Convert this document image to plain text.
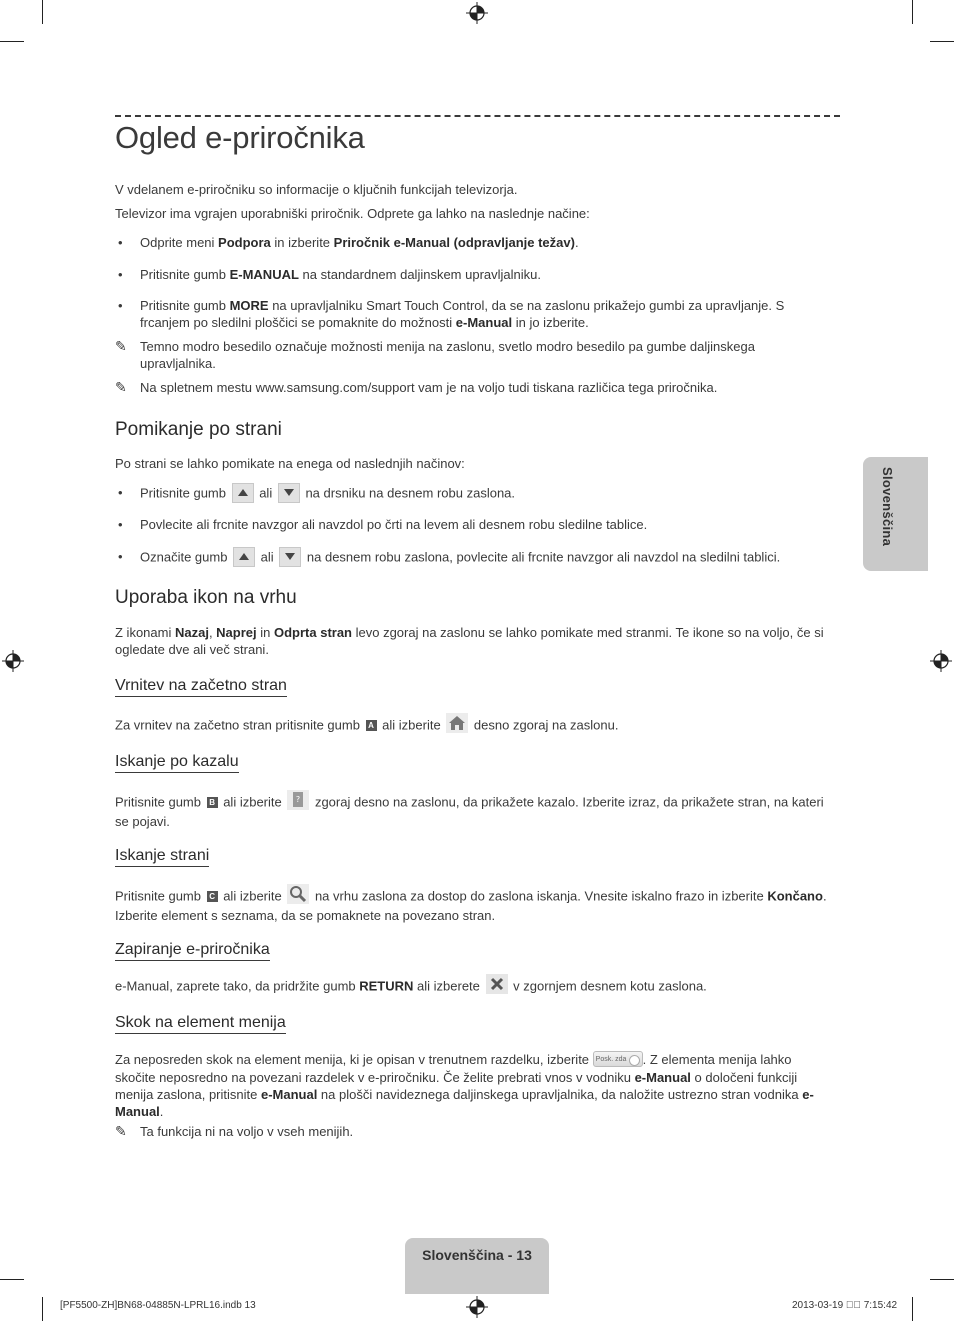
Ogled e-priročnika

V vdelanem e-priročniku so informacije o ključnih funkcijah televizorja.

Televizor ima vgrajen uporabniški priročnik. Odprete ga lahko na naslednje načine:

• Odprite meni Podpora in izberite Priročnik e-Manual (odpravljanje težav).
• Pritisnite gumb E-MANUAL na standardnem daljinskem upravljalniku.
• Pritisnite gumb MORE na upravljalniku Smart Touch Control, da se na zaslonu prikažejo gumbi za upravljanje. S frcanjem po sledilni ploščici se pomaknite do možnosti e-Manual in jo izberite.
✎ Temno modro besedilo označuje možnosti menija na zaslonu, svetlo modro besedilo pa gumbe daljinskega upravljalnika.
✎ Na spletnem mestu www.samsung.com/support vam je na voljo tudi tiskana različica tega priročnika.
Pomikanje po strani

Po strani se lahko pomikate na enega od naslednjih načinov:

• Pritisnite gumb
ali
na drsniku na desnem robu zaslona.
• Povlecite ali frcnite navzgor ali navzdol po črti na levem ali desnem robu sledilne tablice.
• Označite gumb
ali
na desnem robu zaslona, povlecite ali frcnite navzgor ali navzdol na sledilni tablici.
Uporaba ikon na vrhu

Z ikonami Nazaj, Naprej in Odprta stran levo zgoraj na zaslonu se lahko pomikate med stranmi. Te ikone so na voljo, če si ogledate dve ali več strani.

Vrnitev na začetno stran

Za vrnitev na začetno stran pritisnite gumb A ali izberite  desno zgoraj na zaslonu.

Iskanje po kazalu

Pritisnite gumb B ali izberite ? zgoraj desno na zaslonu, da prikažete kazalo. Izberite izraz, da prikažete stran, na kateri se pojavi.

Iskanje strani

Pritisnite gumb C ali izberite  na vrhu zaslona za dostop do zaslona iskanja. Vnesite iskalno frazo in izberite Končano. Izberite element s seznama, da se pomaknete na povezano stran.

Zapiranje e-priročnika

e-Manual, zaprete tako, da pridržite gumb RETURN ali izberete  v zgornjem desnem kotu zaslona.

Skok na element menija

Za neposreden skok na element menija, ki je opisan v trenutnem razdelku, izberite Posk. zda . Z elementa menija lahko skočite neposredno na povezani razdelek v e-priročniku. Če želite prebrati vnos v vodniku e-Manual o določeni funkciji menija zaslona, pritisnite e-Manual na plošči navideznega daljinskega upravljalnika, da naložite ustrezno stran vodnika e-Manual.

✎ Ta funkcija ni na voljo v vseh menijih.
Slovenščina
Slovenščina - 13
[PF5500-ZH]BN68-04885N-LPRL16.indb 13	2013-03-19 ￿￿ 7:15:42
